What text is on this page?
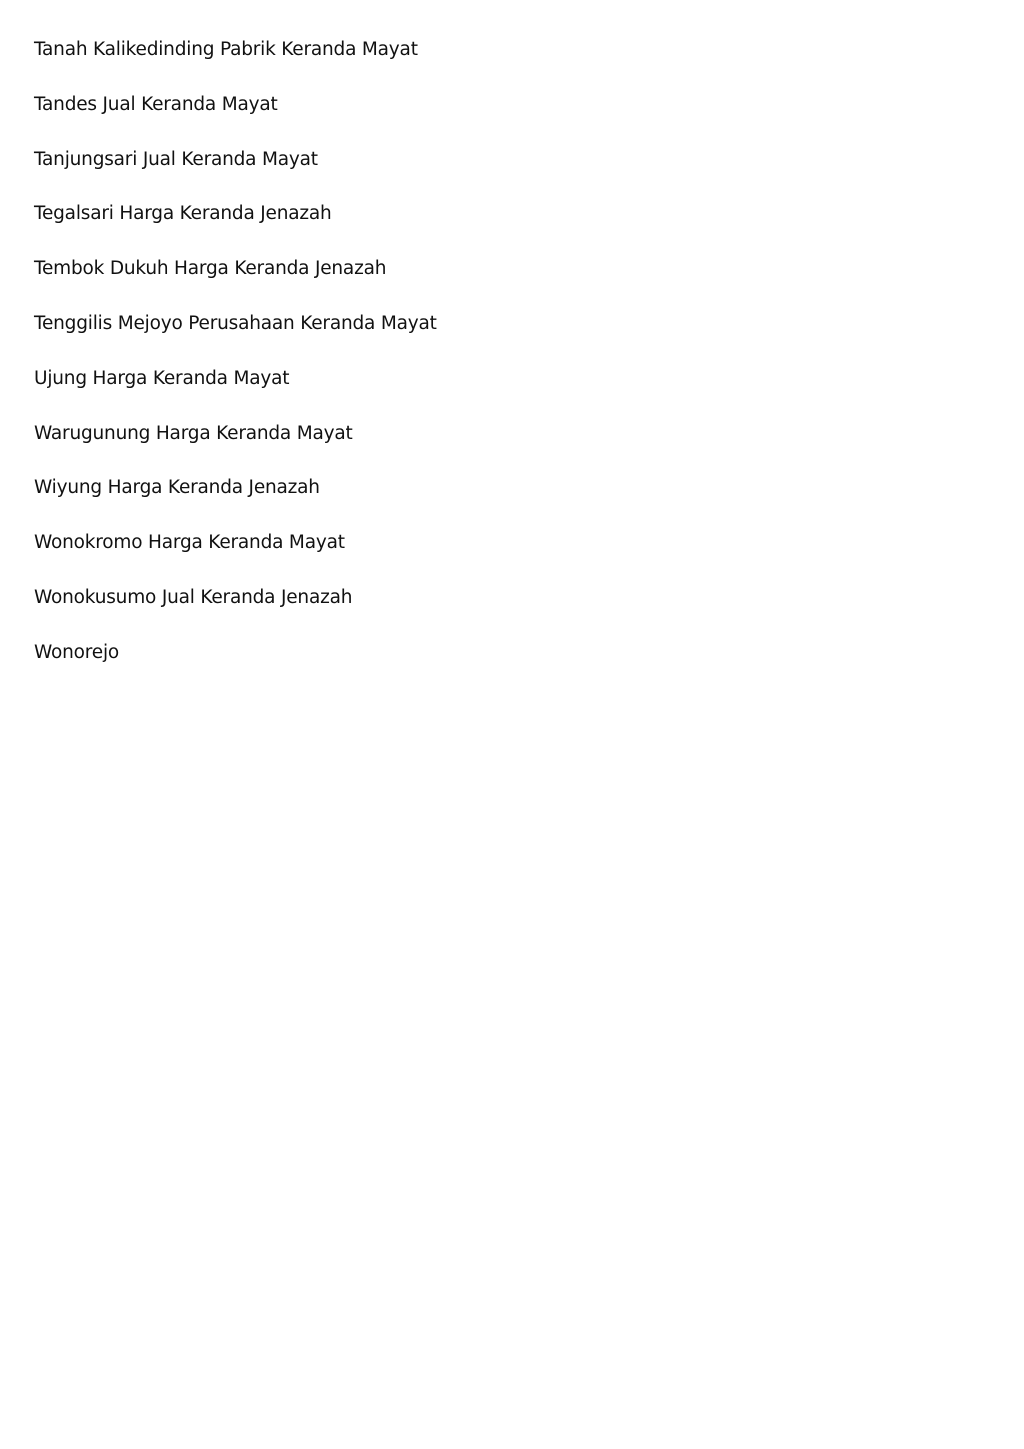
Tanah Kalikedinding Pabrik Keranda Mayat
Tandes Jual Keranda Mayat
Tanjungsari Jual Keranda Mayat
Tegalsari Harga Keranda Jenazah
Tembok Dukuh Harga Keranda Jenazah
Tenggilis Mejoyo Perusahaan Keranda Mayat
Ujung Harga Keranda Mayat
Warugunung Harga Keranda Mayat
Wiyung Harga Keranda Jenazah
Wonokromo Harga Keranda Mayat
Wonokusumo Jual Keranda Jenazah
Wonorejo
